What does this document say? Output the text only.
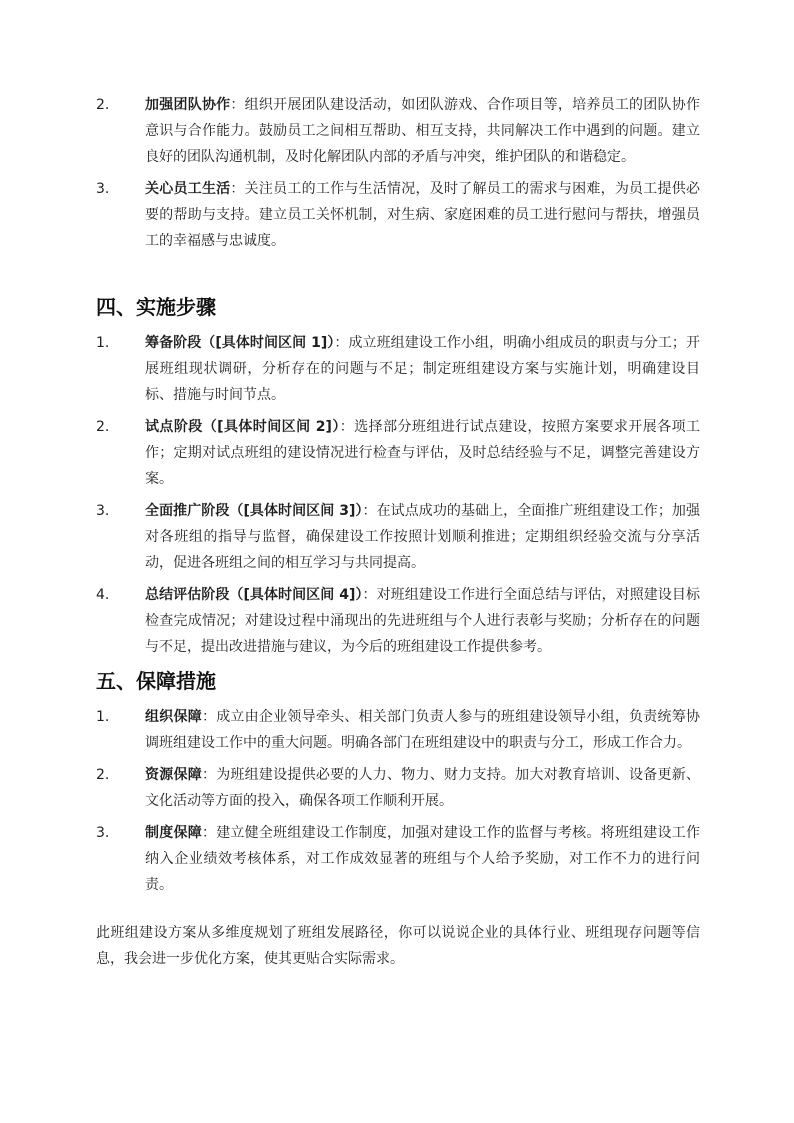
2.	加强团队协作：组织开展团队建设活动，如团队游戏、合作项目等，培养员工的团队协作意识与合作能力。鼓励员工之间相互帮助、相互支持，共同解决工作中遇到的问题。建立良好的团队沟通机制，及时化解团队内部的矛盾与冲突，维护团队的和谐稳定。
3.	关心员工生活：关注员工的工作与生活情况，及时了解员工的需求与困难，为员工提供必要的帮助与支持。建立员工关怀机制，对生病、家庭困难的员工进行慰问与帮扶，增强员工的幸福感与忠诚度。
四、实施步骤
1.	筹备阶段（[具体时间区间 1]）：成立班组建设工作小组，明确小组成员的职责与分工；开展班组现状调研，分析存在的问题与不足；制定班组建设方案与实施计划，明确建设目标、措施与时间节点。
2.	试点阶段（[具体时间区间 2]）：选择部分班组进行试点建设，按照方案要求开展各项工作；定期对试点班组的建设情况进行检查与评估，及时总结经验与不足，调整完善建设方案。
3.	全面推广阶段（[具体时间区间 3]）：在试点成功的基础上，全面推广班组建设工作；加强对各班组的指导与监督，确保建设工作按照计划顺利推进；定期组织经验交流与分享活动，促进各班组之间的相互学习与共同提高。
4.	总结评估阶段（[具体时间区间 4]）：对班组建设工作进行全面总结与评估，对照建设目标检查完成情况；对建设过程中涌现出的先进班组与个人进行表彰与奖励；分析存在的问题与不足，提出改进措施与建议，为今后的班组建设工作提供参考。
五、保障措施
1.	组织保障：成立由企业领导牵头、相关部门负责人参与的班组建设领导小组，负责统筹协调班组建设工作中的重大问题。明确各部门在班组建设中的职责与分工，形成工作合力。
2.	资源保障：为班组建设提供必要的人力、物力、财力支持。加大对教育培训、设备更新、文化活动等方面的投入，确保各项工作顺利开展。
3.	制度保障：建立健全班组建设工作制度，加强对建设工作的监督与考核。将班组建设工作纳入企业绩效考核体系，对工作成效显著的班组与个人给予奖励，对工作不力的进行问责。

此班组建设方案从多维度规划了班组发展路径，你可以说说企业的具体行业、班组现存问题等信息，我会进一步优化方案，使其更贴合实际需求。
